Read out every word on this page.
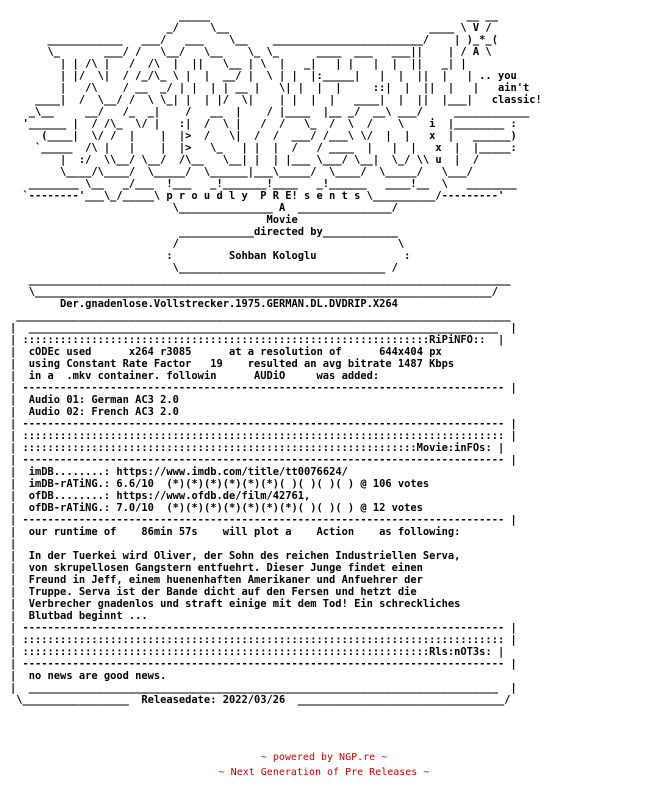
_____                                         __ __
_/     \__                                ____ \ V /
____________   ___/   ___    \__    ________________________/    | )_*_(
\_       ___/ /   \__/   \__    \_ \_      ____  ___   ___||    | / A \
| | /\ |   /  /\  |  ||   \__ | \  |   _|   | |   |  |  ||   _| |
| |/  \|  / /_/\_ \ |  |  __/ |  \ | |  |:_____|   |  |  ||  |   | .. you
|   /\    / __  _/ | |  | | __ |   \| |  |  |     ::|  |  ||  |   |   ain't
____|  /  \__/ /  \ \_| |  | |/  \|    | |  |  |   ____|  |  ||  |___|   classic!
_\__     __/   /_  _|    /   __  |    / |____  |__ _/  __\ ___/     ____________
'______ |  / /\_  \/ |   :|  /  \ |   /  /   \_  /  \  /    \    i  |________ :
(____|  \/ /  |    |  |>  /   \|  /  /  ___/ /___\ \/  |  |   x  |   ______)
`_____  /\ |   |    |  |>   \_   | |  |  /   / ____  |   |  |   x  |  |_____:
|  :/  \\__/ \__/  /\__   \__| |  | |___ \___/ \__|  \_/ \\ u  |  /
\____/\____/  \_____/  \______|___\_____/  \____/  \_____/   \___/
________ \__   _/___  !___   _!_______!____   _!______   ____!__  \   ________
`--------'___\_/_____\ p r o u d l y  P R E! s e n t s \__________/---------'
\_______________ A  _______________/
Movie
____________directed by____________
/                                   \
:         Sohban Kologlu              :
\_________________________________ /
_____________________________________________________________________________
\_________________________________________________________________________/
Der.gnadenlose.Vollstrecker.1975.GERMAN.DL.DVDRIP.X264
_______________________________________________________________________________
|  ___________________________________________________________________________  |
| :::::::::::::::::::::::::::::::::::::::::::::::::::::::::::::::::RiPiNFO::  |
|  cODEc used	x264 r3085	at a resolution of	644x404 px
|  using Constant Rate Factor   19    resulted an avg bitrate 1487 Kbps
|  in a  .mkv container. followin      AUDiO     was added:
| ----------------------------------------------------------------------------- |
|  Audio 01: German AC3 2.0
|  Audio 02: French AC3 2.0
| ----------------------------------------------------------------------------- |
| ::::::::::::::::::::::::::::::::::::::::::::::::::::::::::::::::::::::::::::: |
| :::::::::::::::::::::::::::::::::::::::::::::::::::::::::::::::Movie:inFOs: |
| ----------------------------------------------------------------------------- |
|  imDB........: https://www.imdb.com/title/tt0076624/
|  imDB-rATiNG.: 6.6/10  (*)(*)(*)(*)(*)(*)( )( )( )( ) @ 106 votes
|  ofDB........: https://www.ofdb.de/film/42761,
|  ofDB-rATiNG.: 7.0/10  (*)(*)(*)(*)(*)(*)(*)( )( )( ) @ 12 votes
| ----------------------------------------------------------------------------- |
|  our runtime of    86min 57s    will plot a    Action    as following:
|
|  In der Tuerkei wird Oliver, der Sohn des reichen Industriellen Serva,
|  von skrupellosen Gangstern entfuehrt. Dieser Junge findet einen
|  Freund in Jeff, einem huenenhaften Amerikaner und Anfuehrer der
|  Truppe. Serva ist der Bande dicht auf den Fersen und hetzt die
|  Verbrecher gnadenlos und straft einige mit dem Tod! Ein schreckliches
|  Blutbad beginnt ...
| ----------------------------------------------------------------------------- |
| ::::::::::::::::::::::::::::::::::::::::::::::::::::::::::::::::::::::::::::: |
| :::::::::::::::::::::::::::::::::::::::::::::::::::::::::::::::::Rls:nOT3s: |
| ----------------------------------------------------------------------------- |
|  no news are good news.
|  ___________________________________________________________________________  |
\_________________  Releasedate: 2022/03/26  _________________________________/
~ powered by NGP.re ~
~ Next Generation of Pre Releases ~
